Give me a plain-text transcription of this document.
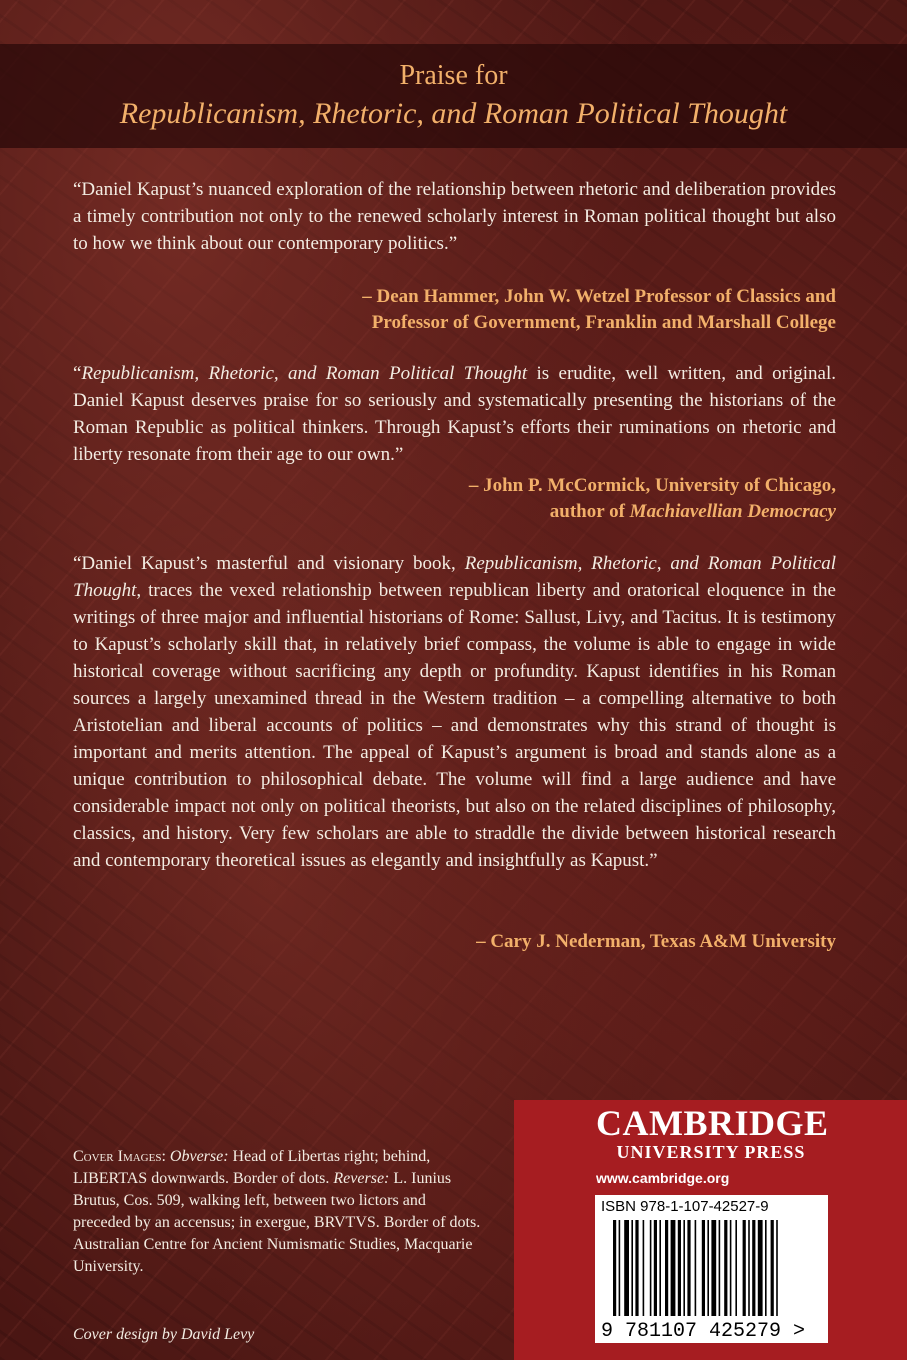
Praise for
Republicanism, Rhetoric, and Roman Political Thought
“Daniel Kapust’s nuanced exploration of the relationship between rhetoric and deliberation provides a timely contribution not only to the renewed scholarly interest in Roman political thought but also to how we think about our contemporary politics.”
– Dean Hammer, John W. Wetzel Professor of Classics and
Professor of Government, Franklin and Marshall College
“Republicanism, Rhetoric, and Roman Political Thought is erudite, well written, and original. Daniel Kapust deserves praise for so seriously and systematically presenting the historians of the Roman Republic as political thinkers. Through Kapust’s efforts their ruminations on rhetoric and liberty resonate from their age to our own.”
– John P. McCormick, University of Chicago,
author of Machiavellian Democracy
“Daniel Kapust’s masterful and visionary book, Republicanism, Rhetoric, and Roman Political Thought, traces the vexed relationship between republican liberty and oratorical eloquence in the writings of three major and influential historians of Rome: Sallust, Livy, and Tacitus. It is testimony to Kapust’s scholarly skill that, in relatively brief compass, the volume is able to engage in wide historical coverage without sacrificing any depth or profundity. Kapust identifies in his Roman sources a largely unexamined thread in the Western tradition – a compelling alternative to both Aristotelian and liberal accounts of politics – and demonstrates why this strand of thought is important and merits attention. The appeal of Kapust’s argument is broad and stands alone as a unique contribution to philosophical debate. The volume will find a large audience and have considerable impact not only on political theorists, but also on the related disciplines of philosophy, classics, and history. Very few scholars are able to straddle the divide between historical research and contemporary theoretical issues as elegantly and insightfully as Kapust.”
– Cary J. Nederman, Texas A&M University
Cover Images: Obverse: Head of Libertas right; behind, LIBERTAS downwards. Border of dots. Reverse: L. Iunius Brutus, Cos. 509, walking left, between two lictors and preceded by an accensus; in exergue, BRVTVS. Border of dots. Australian Centre for Ancient Numismatic Studies, Macquarie University.
Cover design by David Levy
CAMBRIDGE
UNIVERSITY PRESS
www.cambridge.org
ISBN 978-1-107-42527-9
9 781107 425279 >
